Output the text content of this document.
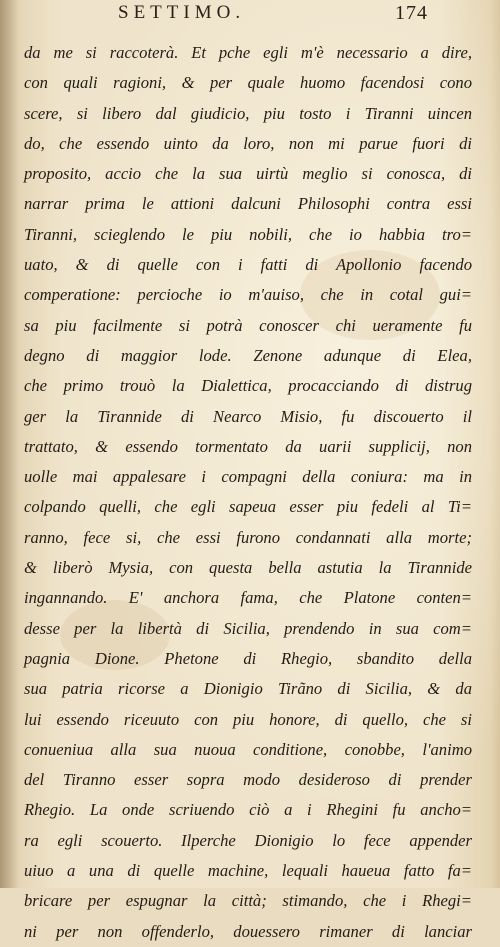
SETTIMO.	174
da me si raccoterà. Et pche egli m'è necessario a dire,
con quali ragioni, & per quale huomo facendosi cono
scere, si libero dal giudicio, piu tosto i Tiranni uincen
do, che essendo uinto da loro, non mi parue fuori di
proposito, accio che la sua uirtù meglio si conosca, di
narrar prima le attioni dalcuni Philosophi contra essi
Tiranni, scieglendo le piu nobili, che io habbia tro=
uato, & di quelle con i fatti di Apollonio facendo
comperatione: percioche io m'auiso, che in cotal gui=
sa piu facilmente si potrà conoscer chi ueramente fu
degno di maggior lode. Zenone adunque di Elea,
che primo trouò la Dialettica, procacciando di distrug
ger la Tirannide di Nearco Misio, fu discouerto il
trattato, & essendo tormentato da uarii supplicij, non
uolle mai appalesare i compagni della coniura: ma in
colpando quelli, che egli sapeua esser piu fedeli al Ti=
ranno, fece si, che essi furono condannati alla morte;
& liberò Mysia, con questa bella astutia la Tirannide
ingannando. E' anchora fama, che Platone conten=
desse per la libertà di Sicilia, prendendo in sua com=
pagnia Dione. Phetone di Rhegio, sbandito della
sua patria ricorse a Dionigio Tirãno di Sicilia, & da
lui essendo riceuuto con piu honore, di quello, che si
conueniua alla sua nuoua conditione, conobbe, l'animo
del Tiranno esser sopra modo desideroso di prender
Rhegio. La onde scriuendo ciò a i Rhegini fu ancho=
ra egli scouerto. Ilperche Dionigio lo fece appender
uiuo a una di quelle machine, lequali haueua fatto fa=
bricare per espugnar la città; stimando, che i Rhegi=
ni per non offenderlo, douessero rimaner di lanciar
